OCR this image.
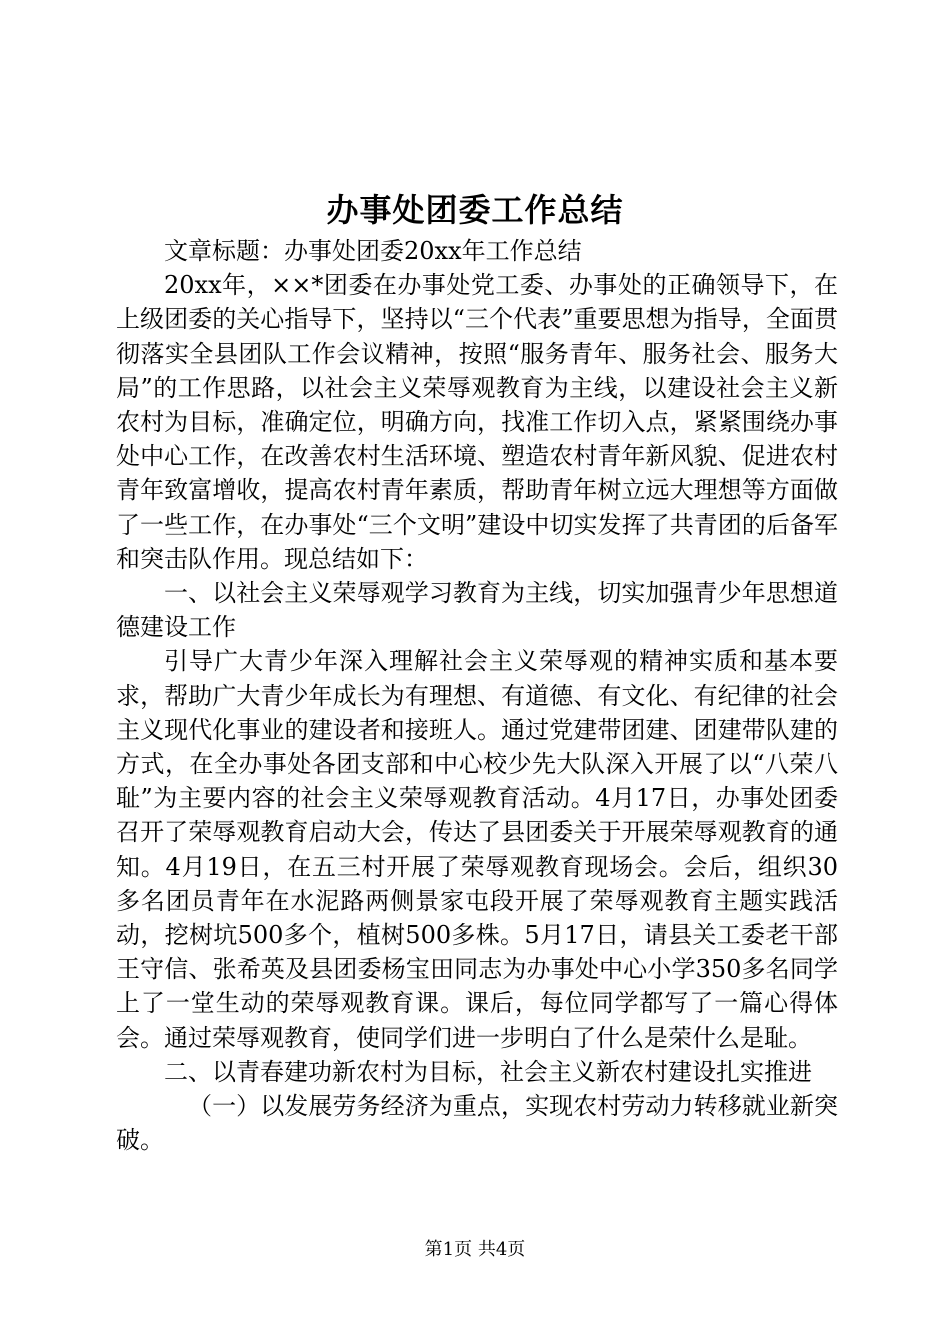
办事处团委工作总结

文章标题：办事处团委20xx年工作总结

20xx年，××*团委在办事处党工委、办事处的正确领导下，在上级团委的关心指导下，坚持以“三个代表”重要思想为指导，全面贯彻落实全县团队工作会议精神，按照“服务青年、服务社会、服务大局”的工作思路，以社会主义荣辱观教育为主线，以建设社会主义新农村为目标，准确定位，明确方向，找准工作切入点，紧紧围绕办事处中心工作，在改善农村生活环境、塑造农村青年新风貌、促进农村青年致富增收，提高农村青年素质，帮助青年树立远大理想等方面做了一些工作，在办事处“三个文明”建设中切实发挥了共青团的后备军和突击队作用。现总结如下：

一、以社会主义荣辱观学习教育为主线，切实加强青少年思想道德建设工作

引导广大青少年深入理解社会主义荣辱观的精神实质和基本要求，帮助广大青少年成长为有理想、有道德、有文化、有纪律的社会主义现代化事业的建设者和接班人。通过党建带团建、团建带队建的方式，在全办事处各团支部和中心校少先大队深入开展了以“八荣八耻”为主要内容的社会主义荣辱观教育活动。4月17日，办事处团委召开了荣辱观教育启动大会，传达了县团委关于开展荣辱观教育的通知。4月19日，在五三村开展了荣辱观教育现场会。会后，组织30多名团员青年在水泥路两侧景家屯段开展了荣辱观教育主题实践活动，挖树坑500多个，植树500多株。5月17日，请县关工委老干部王守信、张希英及县团委杨宝田同志为办事处中心小学350多名同学上了一堂生动的荣辱观教育课。课后，每位同学都写了一篇心得体会。通过荣辱观教育，使同学们进一步明白了什么是荣什么是耻。

二、以青春建功新农村为目标，社会主义新农村建设扎实推进

（一）以发展劳务经济为重点，实现农村劳动力转移就业新突破。

第1页 共4页
